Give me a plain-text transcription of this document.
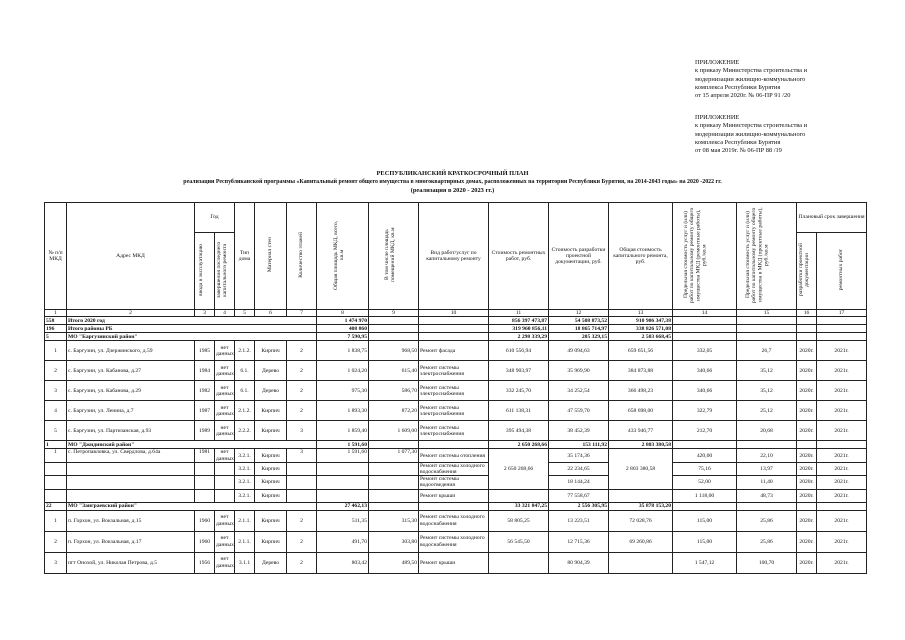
ПРИЛОЖЕНИЕ
к приказу Министерства строительства и
модернизации жилищно-коммунального
комплекса Республики Бурятия
от 15 апреля 2020г. № 06-ПР 91 /20
ПРИЛОЖЕНИЕ
к приказу Министерства строительства и
модернизации жилищно-коммунального
комплекса Республики Бурятия
от 08 мая 2019г. № 06-ПР 88 /19
РЕСПУБЛИКАНСКИЙ КРАТКОСРОЧНЫЙ ПЛАН
реализации Республиканской программы «Капитальный ремонт общего имущества в многоквартирных домах, расположенных на территории Республики Бурятия, на 2014-2043 годы» на 2020 -2022 гг.
(реализация в 2020 - 2023 гг.)
№ п/п МКД	Адрес МКД	Год		Тип дома	Материал стен	Количество этажей	Общая площадь МКД, всего, кв.м	В том числе площадь помещений МКД, кв.м	Вид работ/услуг по капитальному ремонту	Стоимость ремонтных работ, руб.	Стоимость разработки проектной документации, руб.	Общая стоимость капитального ремонта, руб.	Предельная стоимость услуг и (или) работ по капитальному ремонту общего имущества МКД (ремонтные работы), руб./кв.м	Предельная стоимость услуг и (или) работ по капитальному ремонту общего имущества в МКД (проектные работы), руб./кв.м	Плановый срок завершения	
		ввода в эксплуатацию	завершения последнего капитального ремонта												разработки проектной документации	ремонтных работ
1	2	3	4	5	6	7	8	9	10	11	12	13	14	15	16	17
558	Итого 2020 год						1 474 970			856 397 473,87	54 508 873,52	910 906 347,38				
196	Итого районы РБ						408 860			319 960 856,11	18 865 714,97	338 826 571,08				
5	МО "Баргузинский район"						7 590,95			2 298 339,29	205 329,15	2 503 668,45				
1	с. Баргузин, ул. Дзержинского, д.59	1985	нет данных	2.1.2.	Кирпич	2	1 838,75	968,50	Ремонт фасада	610 556,94	49 094,63	659 651,56	332,05	26,7	2020г.	2021г.
2	с. Баргузин, ул. Кабанова, д.27	1984	нет данных	6.1.	Дерево	2	1 024,20	615,40	Ремонт системы электроснабжения	348 903,97	35 969,90	384 873,88	340,66	35,12	2020г.	2021г.
3	с. Баргузин, ул. Кабанова, д.29	1982	нет данных	6.1.	Дерево	2	975,30	586,70	Ремонт системы электроснабжения	332 245,70	34 252,54	366 498,23	340,66	35,12	2020г.	2021г.
4	с. Баргузин, ул. Ленина, д.7	1987	нет данных	2.1.2.	Кирпич	2	1 893,30	872,20	Ремонт системы электроснабжения	611 138,31	47 559,70	658 698,00	322,79	25,12	2020г.	2021г.
5	с. Баргузин, ул. Партизанская, д.93	1989	нет данных	2.2.2.	Кирпич	3	1 859,40	1 609,00	Ремонт системы электроснабжения	395 494,38	38 452,39	433 946,77	212,70	20,68	2020г.	2021г.
1	МО "Джидинский район"						1 591,60			2 650 268,66	153 111,92	2 803 380,58				
1	с. Петропавловка, ул. Свердлова, д.64а	1981	нет данных	3.2.1.	Кирпич	3	1 591,60	1 077,30	Ремонт системы отопления	2 650 268,66	35 174,36	2 803 380,58	420,00	22,10	2020г.	2021г.
				3.2.1.	Кирпич				Ремонт системы холодного водоснабжения		22 234,65		75,16	13,97	2020г.	2021г.
				3.2.1.	Кирпич				Ремонт системы водоотведения		18 144,24		52,00	11,40	2020г.	2021г.
				3.2.1.	Кирпич				Ремонт крыши		77 558,67		1 118,00	48,73	2020г.	2021г.
22	МО "Заиграевский район"						27 462,13			33 321 847,25	2 556 305,95	35 878 153,20				
1	п. Горхон, ул. Вокзальная, д.15	1960	нет данных	2.1.1.	Кирпич	2	511,35	315,30	Ремонт системы холодного водоснабжения	58 805,25	13 223,51	72 028,76	115,00	25,86	2020г.	2021г.
2	п. Горхон, ул. Вокзальная, д.17	1960	нет данных	2.1.1.	Кирпич	2	491,70	303,80	Ремонт системы холодного водоснабжения	56 545,50	12 715,36	69 260,86	115,00	25,86	2020г.	2021г.
3	пгт Онохой, ул. Николая Петрова, д.5	1956	нет данных	3.1.1	Дерево	2	803,42	489,50	Ремонт крыши		80 904,39		1 547,12	100,70	2020г.	2021г.
